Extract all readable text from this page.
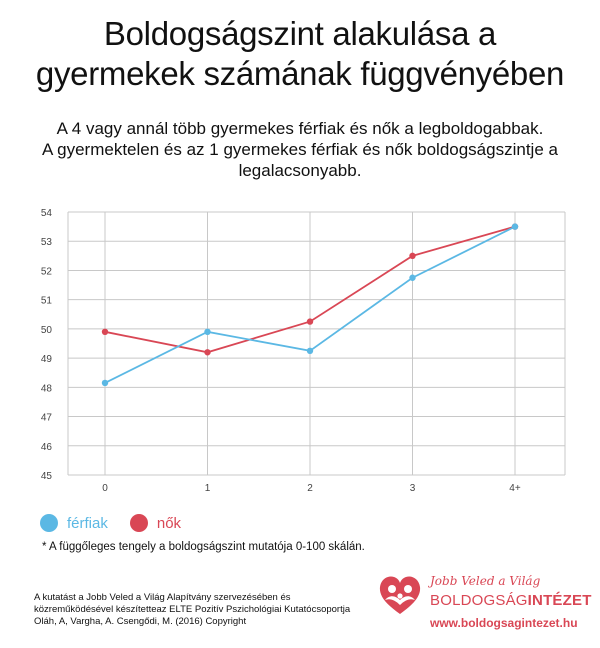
Boldogságszint alakulása a
gyermekek számának függvényében
A 4 vagy annál több gyermekes férfiak és nők a legboldogabbak.
A gyermektelen és az 1 gyermekes férfiak és nők boldogságszintje a
legalacsonyabb.
45
46
47
48
49
50
51
52
53
54
0	1	2	3	4+
férfiak	nők
* A függőleges tengely a boldogságszint mutatója 0-100 skálán.
A kutatást a Jobb Veled a Világ Alapítvány szervezésében és
közreműködésével készítetteaz ELTE Pozitív Pszichológiai Kutatócsoportja
Oláh, A, Vargha, A. Csengődi, M. (2016) Copyright
Jobb Veled a Világ
BOLDOGSÁGINTÉZET
www.boldogsagintezet.hu
